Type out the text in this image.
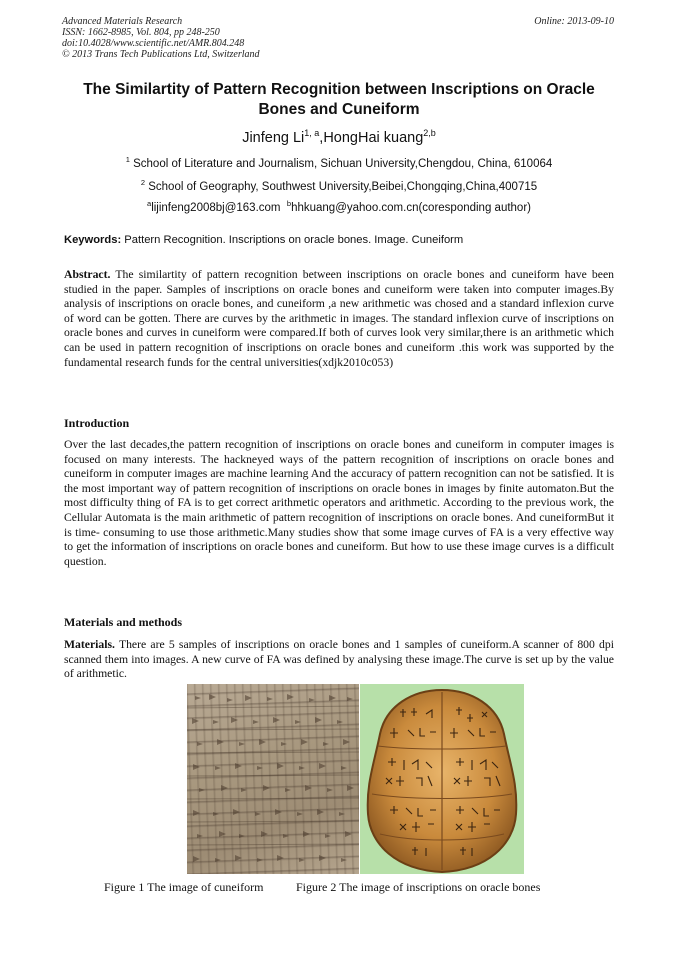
Advanced Materials Research
ISSN: 1662-8985, Vol. 804, pp 248-250
doi:10.4028/www.scientific.net/AMR.804.248
© 2013 Trans Tech Publications Ltd, Switzerland
Online: 2013-09-10
The Similartity of Pattern Recognition between Inscriptions on Oracle
Bones and Cuneiform
Jinfeng Li$^{1, a}$,HongHai kuang$^{2,b}$
$^1$ School of Literature and Journalism, Sichuan University,Chengdou, China, 610064
$^2$ School of Geography, Southwest University,Beibei,Chongqing,China,400715
$^a$lijinfeng2008bj@163.com $^b$hhkuang@yahoo.com.cn(coresponding author)
Keywords: Pattern Recognition. Inscriptions on oracle bones. Image. Cuneiform
Abstract. The similartity of pattern recognition between inscriptions on oracle bones and cuneiform have been studied in the paper. Samples of inscriptions on oracle bones and cuneiform were taken into computer images.By analysis of inscriptions on oracle bones, and cuneiform ,a new arithmetic was chosed and a standard inflexion curve of word can be gotten. There are curves by the arithmetic in images. The standard inflexion curve of inscriptions on oracle bones and curves in cuneiform were compared.If both of curves look very similar,there is an arithmetic which can be used in pattern recognition of inscriptions on oracle bones and cuneiform .this work was supported by the fundamental research funds for the central universities(xdjk2010c053)
Introduction
Over the last decades,the pattern recognition of inscriptions on oracle bones and cuneiform in computer images is focused on many interests. The hackneyed ways of the pattern recognition of inscriptions on oracle bones and cuneiform in computer images are machine learning And the accuracy of pattern recognition can not be satisfied. It is the most important way of pattern recognition of inscriptions on oracle bones in images by finite automaton.But the most difficulty thing of FA is to get correct arithmetic operators and arithmetic. According to the previous work, the Cellular Automata is the main arithmetic of pattern recognition of inscriptions on oracle bones. And cuneiformBut it is time- consuming to use those arithmetic.Many studies show that some image curves of FA is a very effective way to get the information of inscriptions on oracle bones and cuneiform. But how to use these image curves is a difficult question.
Materials and methods
Materials. There are 5 samples of inscriptions on oracle bones and 1 samples of cuneiform.A scanner of 800 dpi scanned them into images. A new curve of FA was defined by analysing these image.The curve is set up by the value of arithmetic.
Figure 1 The image of cuneiform	Figure 2 The image of inscriptions on oracle bones
